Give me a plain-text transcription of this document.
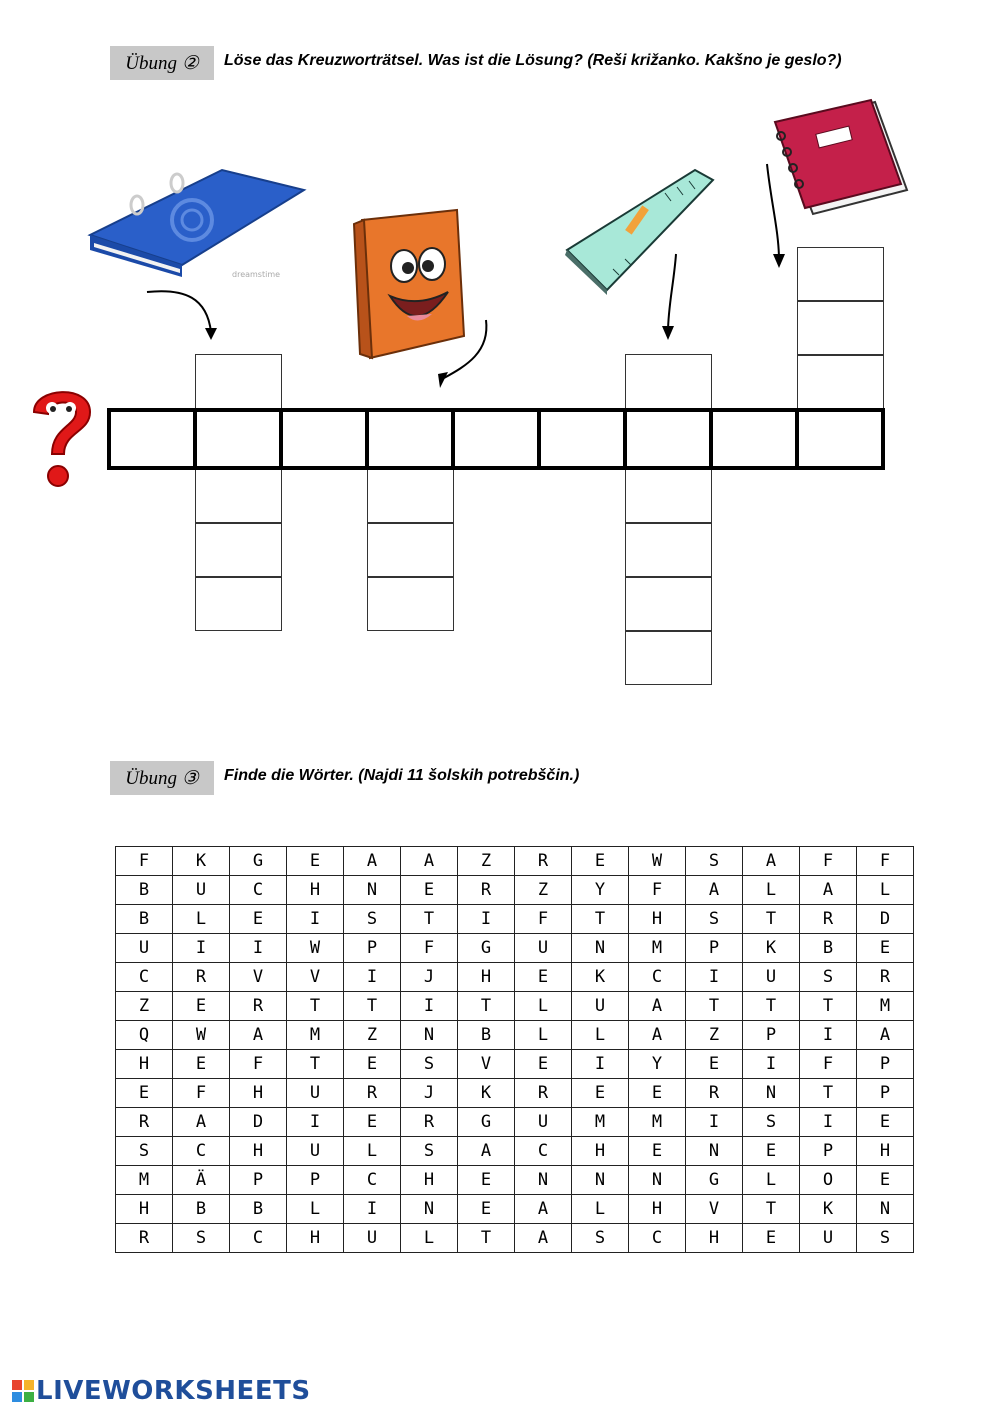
Übung ②	Löse das Kreuzworträtsel. Was ist die Lösung? (Reši križanko. Kakšno je geslo?)
dreamstime
Übung ③	Finde die Wörter. (Najdi 11 šolskih potrebščin.)
F	K	G	E	A	A	Z	R	E	W	S	A	F	F
B	U	C	H	N	E	R	Z	Y	F	A	L	A	L
B	L	E	I	S	T	I	F	T	H	S	T	R	D
U	I	I	W	P	F	G	U	N	M	P	K	B	E
C	R	V	V	I	J	H	E	K	C	I	U	S	R
Z	E	R	T	T	I	T	L	U	A	T	T	T	M
Q	W	A	M	Z	N	B	L	L	A	Z	P	I	A
H	E	F	T	E	S	V	E	I	Y	E	I	F	P
E	F	H	U	R	J	K	R	E	E	R	N	T	P
R	A	D	I	E	R	G	U	M	M	I	S	I	E
S	C	H	U	L	S	A	C	H	E	N	E	P	H
M	Ä	P	P	C	H	E	N	N	N	G	L	O	E
H	B	B	L	I	N	E	A	L	H	V	T	K	N
R	S	C	H	U	L	T	A	S	C	H	E	U	S
LIVEWORKSHEETS
